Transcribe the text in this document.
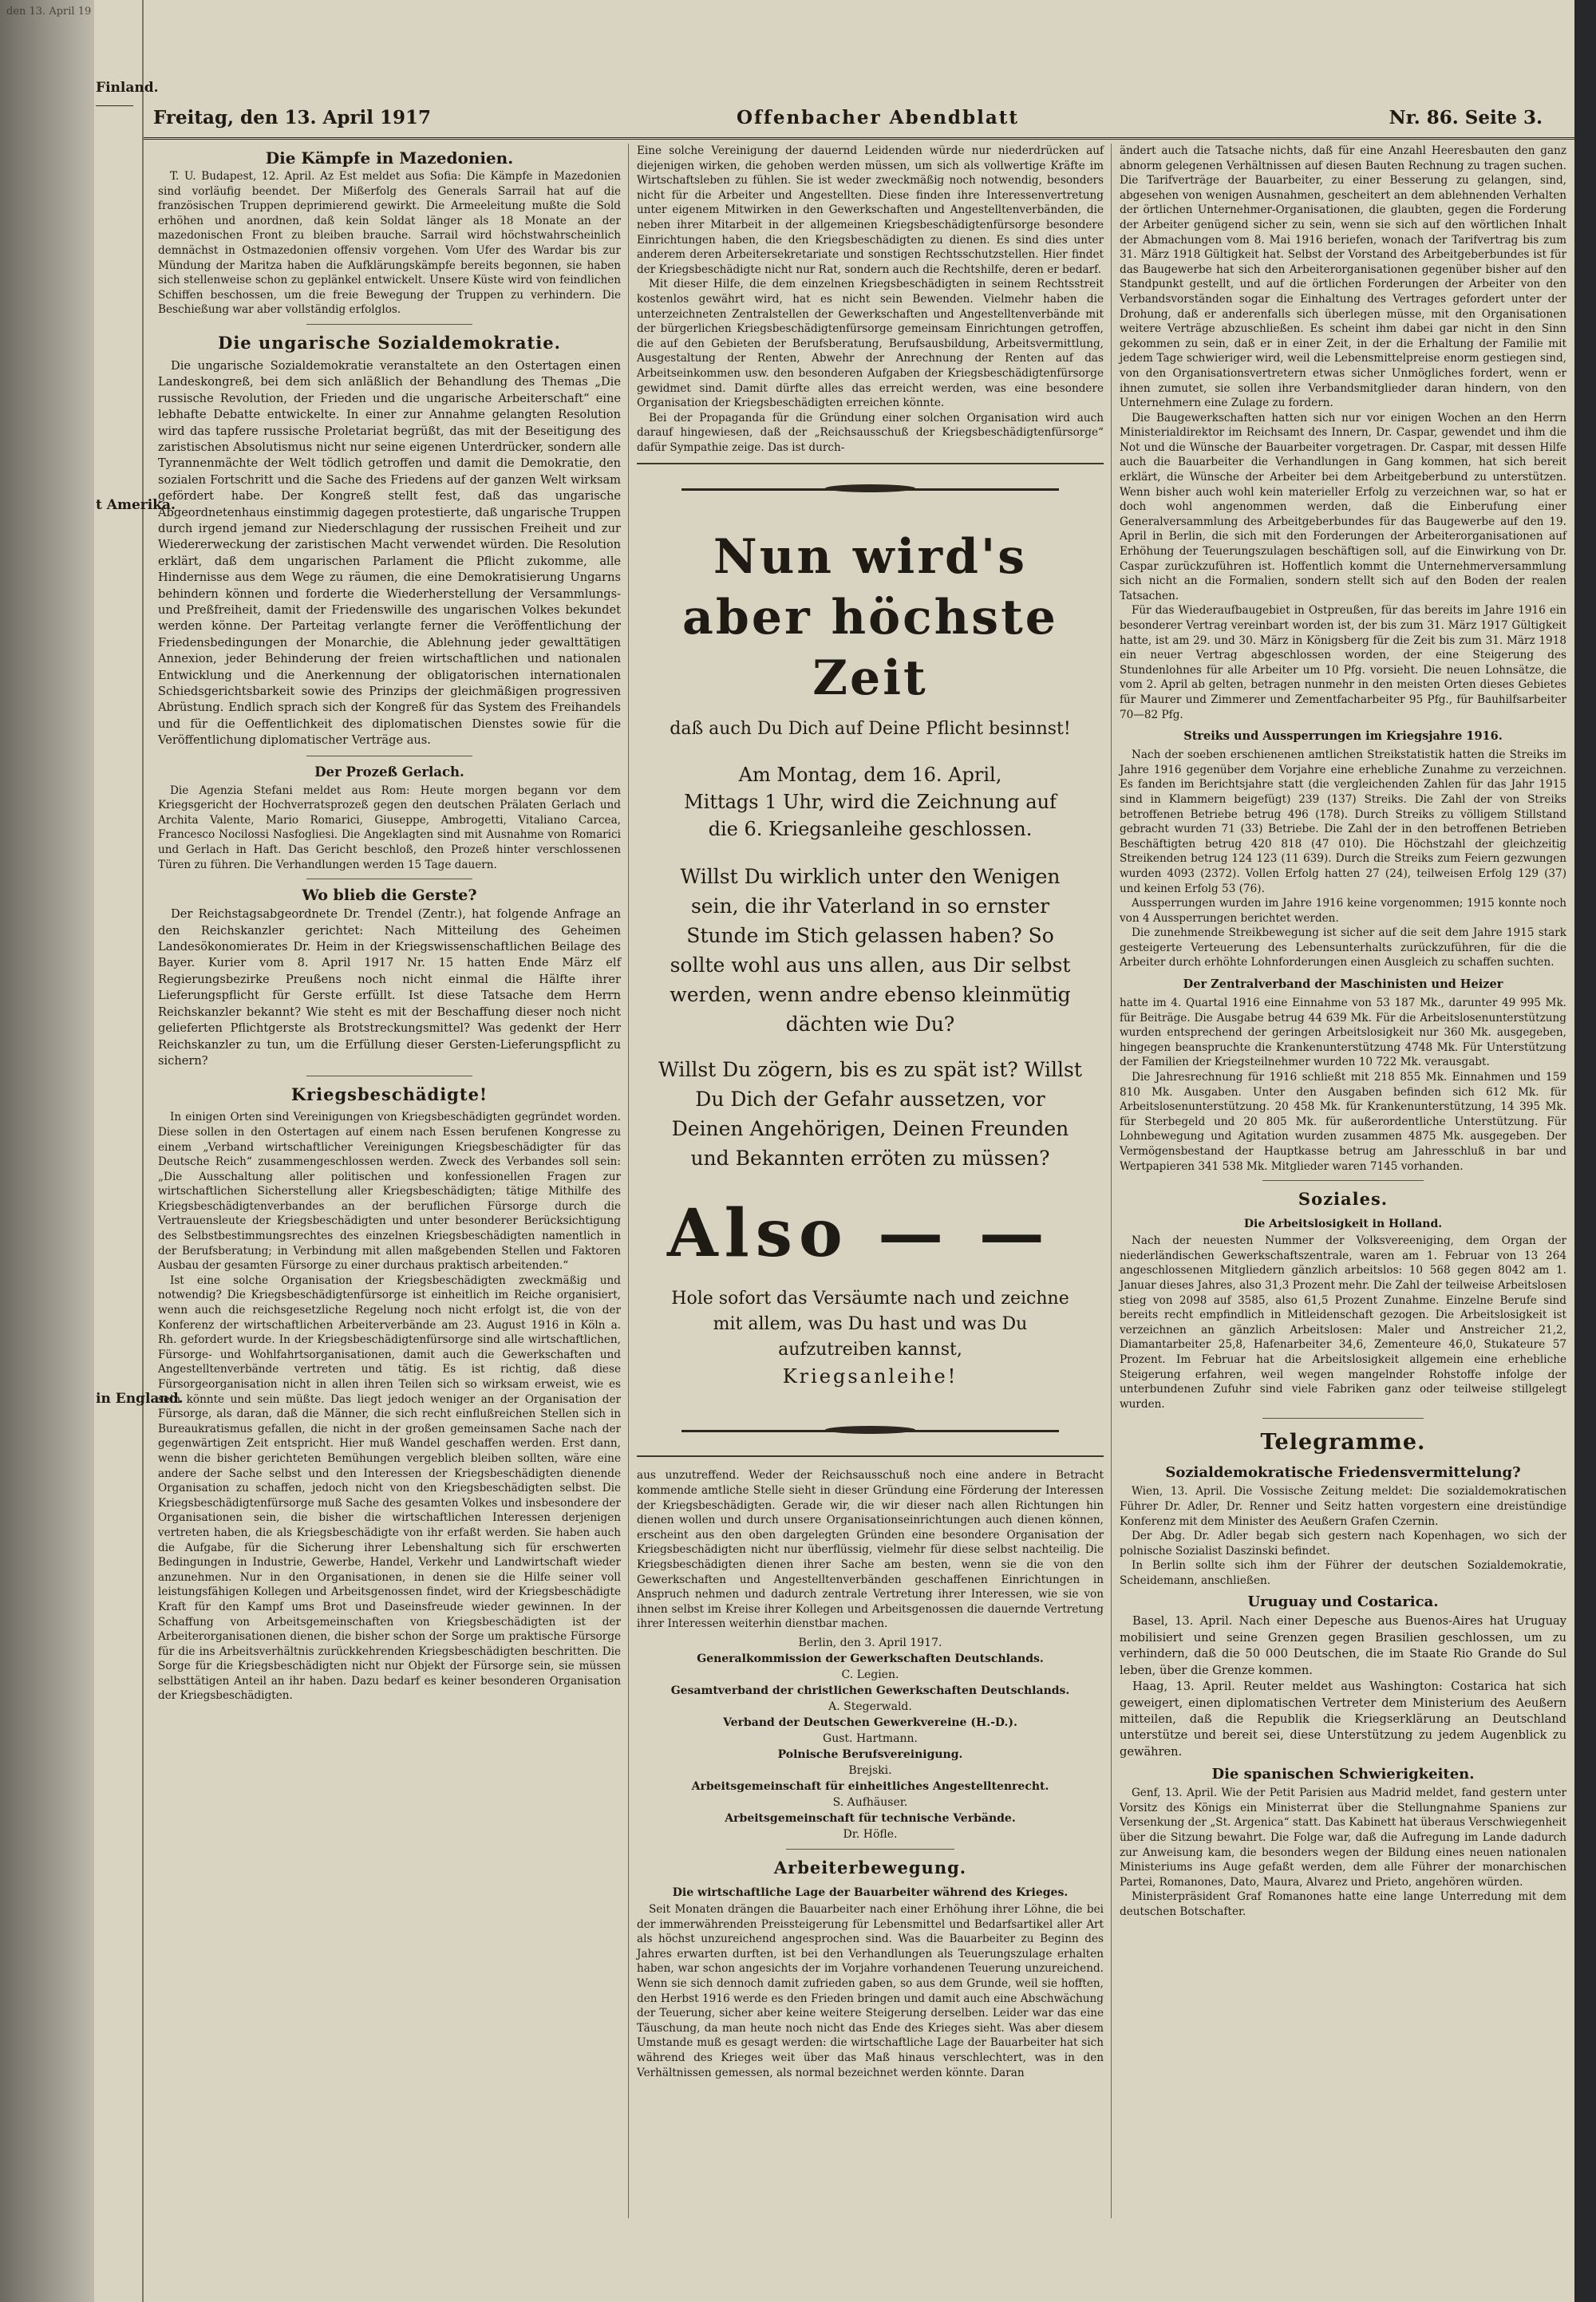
den 13. April 19
Finland.
──────
t Amerika.
in England.
Freitag, den 13. April 1917	Offenbacher Abendblatt	Nr. 86. Seite 3.
Die Kämpfe in Mazedonien.

T. U. Budapest, 12. April. Az Est meldet aus Sofia: Die Kämpfe in Mazedonien sind vorläufig beendet. Der Mißerfolg des Generals Sarrail hat auf die französischen Truppen deprimierend gewirkt. Die Armeeleitung mußte die Sold erhöhen und anordnen, daß kein Soldat länger als 18 Monate an der mazedonischen Front zu bleiben brauche. Sarrail wird höchstwahrscheinlich demnächst in Ostmazedonien offensiv vorgehen. Vom Ufer des Wardar bis zur Mündung der Maritza haben die Aufklärungskämpfe bereits begonnen, sie haben sich stellenweise schon zu geplänkel entwickelt. Unsere Küste wird von feindlichen Schiffen beschossen, um die freie Bewegung der Truppen zu verhindern. Die Beschießung war aber vollständig erfolglos.

Die ungarische Sozialdemokratie.

Die ungarische Sozialdemokratie veranstaltete an den Ostertagen einen Landeskongreß, bei dem sich anläßlich der Behandlung des Themas „Die russische Revolution, der Frieden und die ungarische Arbeiterschaft“ eine lebhafte Debatte entwickelte. In einer zur Annahme gelangten Resolution wird das tapfere russische Proletariat begrüßt, das mit der Beseitigung des zaristischen Absolutismus nicht nur seine eigenen Unterdrücker, sondern alle Tyrannenmächte der Welt tödlich getroffen und damit die Demokratie, den sozialen Fortschritt und die Sache des Friedens auf der ganzen Welt wirksam gefördert habe. Der Kongreß stellt fest, daß das ungarische Abgeordnetenhaus einstimmig dagegen protestierte, daß ungarische Truppen durch irgend jemand zur Niederschlagung der russischen Freiheit und zur Wiedererweckung der zaristischen Macht verwendet würden. Die Resolution erklärt, daß dem ungarischen Parlament die Pflicht zukomme, alle Hindernisse aus dem Wege zu räumen, die eine Demokratisierung Ungarns behindern können und forderte die Wiederherstellung der Versammlungs- und Preßfreiheit, damit der Friedenswille des ungarischen Volkes bekundet werden könne. Der Parteitag verlangte ferner die Veröffentlichung der Friedensbedingungen der Monarchie, die Ablehnung jeder gewalttätigen Annexion, jeder Behinderung der freien wirtschaftlichen und nationalen Entwicklung und die Anerkennung der obligatorischen internationalen Schiedsgerichtsbarkeit sowie des Prinzips der gleichmäßigen progressiven Abrüstung. Endlich sprach sich der Kongreß für das System des Freihandels und für die Oeffentlichkeit des diplomatischen Dienstes sowie für die Veröffentlichung diplomatischer Verträge aus.

Der Prozeß Gerlach.

Die Agenzia Stefani meldet aus Rom: Heute morgen begann vor dem Kriegsgericht der Hochverratsprozeß gegen den deutschen Prälaten Gerlach und Archita Valente, Mario Romarici, Giuseppe, Ambrogetti, Vitaliano Carcea, Francesco Nocilossi Nasfogliesi. Die Angeklagten sind mit Ausnahme von Romarici und Gerlach in Haft. Das Gericht beschloß, den Prozeß hinter verschlossenen Türen zu führen. Die Verhandlungen werden 15 Tage dauern.

Wo blieb die Gerste?

Der Reichstagsabgeordnete Dr. Trendel (Zentr.), hat folgende Anfrage an den Reichskanzler gerichtet: Nach Mitteilung des Geheimen Landesökonomierates Dr. Heim in der Kriegswissenschaftlichen Beilage des Bayer. Kurier vom 8. April 1917 Nr. 15 hatten Ende März elf Regierungsbezirke Preußens noch nicht einmal die Hälfte ihrer Lieferungspflicht für Gerste erfüllt. Ist diese Tatsache dem Herrn Reichskanzler bekannt? Wie steht es mit der Beschaffung dieser noch nicht gelieferten Pflichtgerste als Brotstreckungsmittel? Was gedenkt der Herr Reichskanzler zu tun, um die Erfüllung dieser Gersten-Lieferungspflicht zu sichern?

Kriegsbeschädigte!

In einigen Orten sind Vereinigungen von Kriegsbeschädigten gegründet worden. Diese sollen in den Ostertagen auf einem nach Essen berufenen Kongresse zu einem „Verband wirtschaftlicher Vereinigungen Kriegsbeschädigter für das Deutsche Reich“ zusammengeschlossen werden. Zweck des Verbandes soll sein: „Die Ausschaltung aller politischen und konfessionellen Fragen zur wirtschaftlichen Sicherstellung aller Kriegsbeschädigten; tätige Mithilfe des Kriegsbeschädigtenverbandes an der beruflichen Fürsorge durch die Vertrauensleute der Kriegsbeschädigten und unter besonderer Berücksichtigung des Selbstbestimmungsrechtes des einzelnen Kriegsbeschädigten namentlich in der Berufsberatung; in Verbindung mit allen maßgebenden Stellen und Faktoren Ausbau der gesamten Fürsorge zu einer durchaus praktisch arbeitenden.“

Ist eine solche Organisation der Kriegsbeschädigten zweckmäßig und notwendig? Die Kriegsbeschädigtenfürsorge ist einheitlich im Reiche organisiert, wenn auch die reichsgesetzliche Regelung noch nicht erfolgt ist, die von der Konferenz der wirtschaftlichen Arbeiterverbände am 23. August 1916 in Köln a. Rh. gefordert wurde. In der Kriegsbeschädigtenfürsorge sind alle wirtschaftlichen, Fürsorge- und Wohlfahrtsorganisationen, damit auch die Gewerkschaften und Angestelltenverbände vertreten und tätig. Es ist richtig, daß diese Fürsorgeorganisation nicht in allen ihren Teilen sich so wirksam erweist, wie es sein könnte und sein müßte. Das liegt jedoch weniger an der Organisation der Fürsorge, als daran, daß die Männer, die sich recht einflußreichen Stellen sich in Bureaukratismus gefallen, die nicht in der großen gemeinsamen Sache nach der gegenwärtigen Zeit entspricht. Hier muß Wandel geschaffen werden. Erst dann, wenn die bisher gerichteten Bemühungen vergeblich bleiben sollten, wäre eine andere der Sache selbst und den Interessen der Kriegsbeschädigten dienende Organisation zu schaffen, jedoch nicht von den Kriegsbeschädigten selbst. Die Kriegsbeschädigtenfürsorge muß Sache des gesamten Volkes und insbesondere der Organisationen sein, die bisher die wirtschaftlichen Interessen derjenigen vertreten haben, die als Kriegsbeschädigte von ihr erfaßt werden. Sie haben auch die Aufgabe, für die Sicherung ihrer Lebenshaltung sich für erschwerten Bedingungen in Industrie, Gewerbe, Handel, Verkehr und Landwirtschaft wieder anzunehmen. Nur in den Organisationen, in denen sie die Hilfe seiner voll leistungsfähigen Kollegen und Arbeitsgenossen findet, wird der Kriegsbeschädigte Kraft für den Kampf ums Brot und Daseinsfreude wieder gewinnen. In der Schaffung von Arbeitsgemeinschaften von Kriegsbeschädigten ist der Arbeiterorganisationen dienen, die bisher schon der Sorge um praktische Fürsorge für die ins Arbeitsverhältnis zurückkehrenden Kriegsbeschädigten beschritten. Die Sorge für die Kriegsbeschädigten nicht nur Objekt der Fürsorge sein, sie müssen selbsttätigen Anteil an ihr haben. Dazu bedarf es keiner besonderen Organisation der Kriegsbeschädigten.

Eine solche Vereinigung der dauernd Leidenden würde nur niederdrücken auf diejenigen wirken, die gehoben werden müssen, um sich als vollwertige Kräfte im Wirtschaftsleben zu fühlen. Sie ist weder zweckmäßig noch notwendig, besonders nicht für die Arbeiter und Angestellten. Diese finden ihre Interessenvertretung unter eigenem Mitwirken in den Gewerkschaften und Angestelltenverbänden, die neben ihrer Mitarbeit in der allgemeinen Kriegsbeschädigtenfürsorge besondere Einrichtungen haben, die den Kriegsbeschädigten zu dienen. Es sind dies unter anderem deren Arbeitersekretariate und sonstigen Rechtsschutzstellen. Hier findet der Kriegsbeschädigte nicht nur Rat, sondern auch die Rechtshilfe, deren er bedarf.

Mit dieser Hilfe, die dem einzelnen Kriegsbeschädigten in seinem Rechtsstreit kostenlos gewährt wird, hat es nicht sein Bewenden. Vielmehr haben die unterzeichneten Zentralstellen der Gewerkschaften und Angestelltenverbände mit der bürgerlichen Kriegsbeschädigtenfürsorge gemeinsam Einrichtungen getroffen, die auf den Gebieten der Berufsberatung, Berufsausbildung, Arbeitsvermittlung, Ausgestaltung der Renten, Abwehr der Anrechnung der Renten auf das Arbeitseinkommen usw. den besonderen Aufgaben der Kriegsbeschädigtenfürsorge gewidmet sind. Damit dürfte alles das erreicht werden, was eine besondere Organisation der Kriegsbeschädigten erreichen könnte.

Bei der Propaganda für die Gründung einer solchen Organisation wird auch darauf hingewiesen, daß der „Reichsausschuß der Kriegsbeschädigtenfürsorge“ dafür Sympathie zeige. Das ist durch-

Nun wird's
aber höchste Zeit
daß auch Du Dich auf Deine Pflicht besinnst!
Am Montag, dem 16. April,
Mittags 1 Uhr, wird die Zeichnung auf
die 6. Kriegsanleihe geschlossen.
Willst Du wirklich unter den Wenigen sein, die ihr Vaterland in so ernster Stunde im Stich gelassen haben? So sollte wohl aus uns allen, aus Dir selbst werden, wenn andre ebenso kleinmütig dächten wie Du?
Willst Du zögern, bis es zu spät ist? Willst Du Dich der Gefahr aussetzen, vor Deinen Angehörigen, Deinen Freunden und Bekannten erröten zu müssen?
Also — —
Hole sofort das Versäumte nach und zeichne mit allem, was Du hast und was Du aufzutreiben kannst,
Kriegsanleihe!

aus unzutreffend. Weder der Reichsausschuß noch eine andere in Betracht kommende amtliche Stelle sieht in dieser Gründung eine Förderung der Interessen der Kriegsbeschädigten. Gerade wir, die wir dieser nach allen Richtungen hin dienen wollen und durch unsere Organisationseinrichtungen auch dienen können, erscheint aus den oben dargelegten Gründen eine besondere Organisation der Kriegsbeschädigten nicht nur überflüssig, vielmehr für diese selbst nachteilig. Die Kriegsbeschädigten dienen ihrer Sache am besten, wenn sie die von den Gewerkschaften und Angestelltenverbänden geschaffenen Einrichtungen in Anspruch nehmen und dadurch zentrale Vertretung ihrer Interessen, wie sie von ihnen selbst im Kreise ihrer Kollegen und Arbeitsgenossen die dauernde Vertretung ihrer Interessen weiterhin dienstbar machen.

Berlin, den 3. April 1917.
Generalkommission der Gewerkschaften Deutschlands.
C. Legien.
Gesamtverband der christlichen Gewerkschaften Deutschlands.
A. Stegerwald.
Verband der Deutschen Gewerkvereine (H.-D.).
Gust. Hartmann.
Polnische Berufsvereinigung.
Brejski.
Arbeitsgemeinschaft für einheitliches Angestelltenrecht.
S. Aufhäuser.
Arbeitsgemeinschaft für technische Verbände.
Dr. Höfle.
Arbeiterbewegung.
Die wirtschaftliche Lage der Bauarbeiter während des Krieges.

Seit Monaten drängen die Bauarbeiter nach einer Erhöhung ihrer Löhne, die bei der immerwährenden Preissteigerung für Lebensmittel und Bedarfsartikel aller Art als höchst unzureichend angesprochen sind. Was die Bauarbeiter zu Beginn des Jahres erwarten durften, ist bei den Verhandlungen als Teuerungszulage erhalten haben, war schon angesichts der im Vorjahre vorhandenen Teuerung unzureichend. Wenn sie sich dennoch damit zufrieden gaben, so aus dem Grunde, weil sie hofften, den Herbst 1916 werde es den Frieden bringen und damit auch eine Abschwächung der Teuerung, sicher aber keine weitere Steigerung derselben. Leider war das eine Täuschung, da man heute noch nicht das Ende des Krieges sieht. Was aber diesem Umstande muß es gesagt werden: die wirtschaftliche Lage der Bauarbeiter hat sich während des Krieges weit über das Maß hinaus verschlechtert, was in den Verhältnissen gemessen, als normal bezeichnet werden könnte. Daran

ändert auch die Tatsache nichts, daß für eine Anzahl Heeresbauten den ganz abnorm gelegenen Verhältnissen auf diesen Bauten Rechnung zu tragen suchen. Die Tarifverträge der Bauarbeiter, zu einer Besserung zu gelangen, sind, abgesehen von wenigen Ausnahmen, gescheitert an dem ablehnenden Verhalten der örtlichen Unternehmer-Organisationen, die glaubten, gegen die Forderung der Arbeiter genügend sicher zu sein, wenn sie sich auf den wörtlichen Inhalt der Abmachungen vom 8. Mai 1916 beriefen, wonach der Tarifvertrag bis zum 31. März 1918 Gültigkeit hat. Selbst der Vorstand des Arbeitgeberbundes ist für das Baugewerbe hat sich den Arbeiterorganisationen gegenüber bisher auf den Standpunkt gestellt, und auf die örtlichen Forderungen der Arbeiter von den Verbandsvorständen sogar die Einhaltung des Vertrages gefordert unter der Drohung, daß er anderenfalls sich überlegen müsse, mit den Organisationen weitere Verträge abzuschließen. Es scheint ihm dabei gar nicht in den Sinn gekommen zu sein, daß er in einer Zeit, in der die Erhaltung der Familie mit jedem Tage schwieriger wird, weil die Lebensmittelpreise enorm gestiegen sind, von den Organisationsvertretern etwas sicher Unmögliches fordert, wenn er ihnen zumutet, sie sollen ihre Verbandsmitglieder daran hindern, von den Unternehmern eine Zulage zu fordern.

Die Baugewerkschaften hatten sich nur vor einigen Wochen an den Herrn Ministerialdirektor im Reichsamt des Innern, Dr. Caspar, gewendet und ihm die Not und die Wünsche der Bauarbeiter vorgetragen. Dr. Caspar, mit dessen Hilfe auch die Bauarbeiter die Verhandlungen in Gang kommen, hat sich bereit erklärt, die Wünsche der Arbeiter bei dem Arbeitgeberbund zu unterstützen. Wenn bisher auch wohl kein materieller Erfolg zu verzeichnen war, so hat er doch wohl angenommen werden, daß die Einberufung einer Generalversammlung des Arbeitgeberbundes für das Baugewerbe auf den 19. April in Berlin, die sich mit den Forderungen der Arbeiterorganisationen auf Erhöhung der Teuerungszulagen beschäftigen soll, auf die Einwirkung von Dr. Caspar zurückzuführen ist. Hoffentlich kommt die Unternehmerversammlung sich nicht an die Formalien, sondern stellt sich auf den Boden der realen Tatsachen.

Für das Wiederaufbaugebiet in Ostpreußen, für das bereits im Jahre 1916 ein besonderer Vertrag vereinbart worden ist, der bis zum 31. März 1917 Gültigkeit hatte, ist am 29. und 30. März in Königsberg für die Zeit bis zum 31. März 1918 ein neuer Vertrag abgeschlossen worden, der eine Steigerung des Stundenlohnes für alle Arbeiter um 10 Pfg. vorsieht. Die neuen Lohnsätze, die vom 2. April ab gelten, betragen nunmehr in den meisten Orten dieses Gebietes für Maurer und Zimmerer und Zementfacharbeiter 95 Pfg., für Bauhilfsarbeiter 70—82 Pfg.

Streiks und Aussperrungen im Kriegsjahre 1916.

Nach der soeben erschienenen amtlichen Streikstatistik hatten die Streiks im Jahre 1916 gegenüber dem Vorjahre eine erhebliche Zunahme zu verzeichnen. Es fanden im Berichtsjahre statt (die vergleichenden Zahlen für das Jahr 1915 sind in Klammern beigefügt) 239 (137) Streiks. Die Zahl der von Streiks betroffenen Betriebe betrug 496 (178). Durch Streiks zu völligem Stillstand gebracht wurden 71 (33) Betriebe. Die Zahl der in den betroffenen Betrieben Beschäftigten betrug 420 818 (47 010). Die Höchstzahl der gleichzeitig Streikenden betrug 124 123 (11 639). Durch die Streiks zum Feiern gezwungen wurden 4093 (2372). Vollen Erfolg hatten 27 (24), teilweisen Erfolg 129 (37) und keinen Erfolg 53 (76).

Aussperrungen wurden im Jahre 1916 keine vorgenommen; 1915 konnte noch von 4 Aussperrungen berichtet werden.

Die zunehmende Streikbewegung ist sicher auf die seit dem Jahre 1915 stark gesteigerte Verteuerung des Lebensunterhalts zurückzuführen, für die die Arbeiter durch erhöhte Lohnforderungen einen Ausgleich zu schaffen suchten.

Der Zentralverband der Maschinisten und Heizer

hatte im 4. Quartal 1916 eine Einnahme von 53 187 Mk., darunter 49 995 Mk. für Beiträge. Die Ausgabe betrug 44 639 Mk. Für die Arbeitslosenunterstützung wurden entsprechend der geringen Arbeitslosigkeit nur 360 Mk. ausgegeben, hingegen beanspruchte die Krankenunterstützung 4748 Mk. Für Unterstützung der Familien der Kriegsteilnehmer wurden 10 722 Mk. verausgabt.

Die Jahresrechnung für 1916 schließt mit 218 855 Mk. Einnahmen und 159 810 Mk. Ausgaben. Unter den Ausgaben befinden sich 612 Mk. für Arbeitslosenunterstützung. 20 458 Mk. für Krankenunterstützung, 14 395 Mk. für Sterbegeld und 20 805 Mk. für außerordentliche Unterstützung. Für Lohnbewegung und Agitation wurden zusammen 4875 Mk. ausgegeben. Der Vermögensbestand der Hauptkasse betrug am Jahresschluß in bar und Wertpapieren 341 538 Mk. Mitglieder waren 7145 vorhanden.

Soziales.
Die Arbeitslosigkeit in Holland.

Nach der neuesten Nummer der Volksvereeniging, dem Organ der niederländischen Gewerkschaftszentrale, waren am 1. Februar von 13 264 angeschlossenen Mitgliedern gänzlich arbeitslos: 10 568 gegen 8042 am 1. Januar dieses Jahres, also 31,3 Prozent mehr. Die Zahl der teilweise Arbeitslosen stieg von 2098 auf 3585, also 61,5 Prozent Zunahme. Einzelne Berufe sind bereits recht empfindlich in Mitleidenschaft gezogen. Die Arbeitslosigkeit ist verzeichnen an gänzlich Arbeitslosen: Maler und Anstreicher 21,2, Diamantarbeiter 25,8, Hafenarbeiter 34,6, Zementeure 46,0, Stukateure 57 Prozent. Im Februar hat die Arbeitslosigkeit allgemein eine erhebliche Steigerung erfahren, weil wegen mangelnder Rohstoffe infolge der unterbundenen Zufuhr sind viele Fabriken ganz oder teilweise stillgelegt wurden.

Telegramme.
Sozialdemokratische Friedensvermittelung?

Wien, 13. April. Die Vossische Zeitung meldet: Die sozialdemokratischen Führer Dr. Adler, Dr. Renner und Seitz hatten vorgestern eine dreistündige Konferenz mit dem Minister des Aeußern Grafen Czernin.

Der Abg. Dr. Adler begab sich gestern nach Kopenhagen, wo sich der polnische Sozialist Daszinski befindet.

In Berlin sollte sich ihm der Führer der deutschen Sozialdemokratie, Scheidemann, anschließen.

Uruguay und Costarica.

Basel, 13. April. Nach einer Depesche aus Buenos-Aires hat Uruguay mobilisiert und seine Grenzen gegen Brasilien geschlossen, um zu verhindern, daß die 50 000 Deutschen, die im Staate Rio Grande do Sul leben, über die Grenze kommen.

Haag, 13. April. Reuter meldet aus Washington: Costarica hat sich geweigert, einen diplomatischen Vertreter dem Ministerium des Aeußern mitteilen, daß die Republik die Kriegserklärung an Deutschland unterstütze und bereit sei, diese Unterstützung zu jedem Augenblick zu gewähren.

Die spanischen Schwierigkeiten.

Genf, 13. April. Wie der Petit Parisien aus Madrid meldet, fand gestern unter Vorsitz des Königs ein Ministerrat über die Stellungnahme Spaniens zur Versenkung der „St. Argenica“ statt. Das Kabinett hat überaus Verschwiegenheit über die Sitzung bewahrt. Die Folge war, daß die Aufregung im Lande dadurch zur Anweisung kam, die besonders wegen der Bildung eines neuen nationalen Ministeriums ins Auge gefaßt werden, dem alle Führer der monarchischen Partei, Romanones, Dato, Maura, Alvarez und Prieto, angehören würden.

Ministerpräsident Graf Romanones hatte eine lange Unterredung mit dem deutschen Botschafter.
